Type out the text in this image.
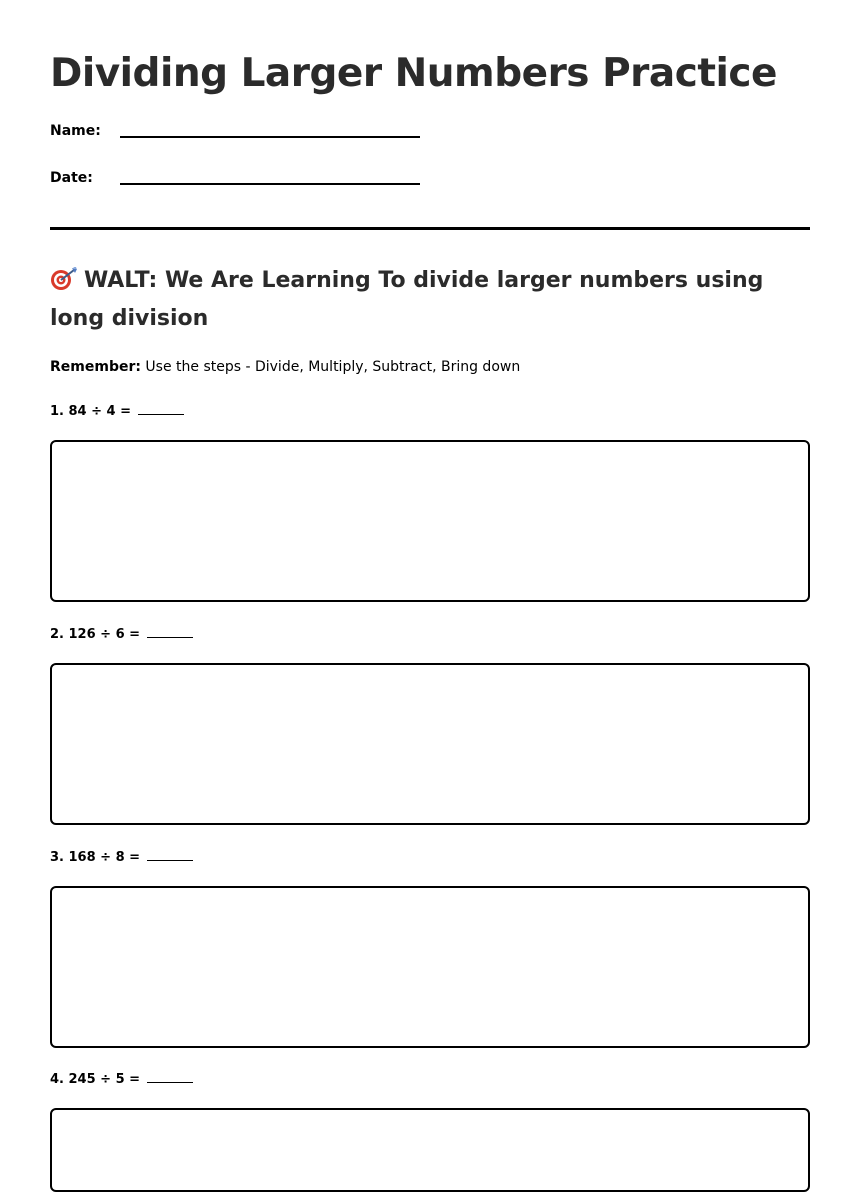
Dividing Larger Numbers Practice
Name:
Date:
WALT: We Are Learning To divide larger numbers using long division
Remember: Use the steps - Divide, Multiply, Subtract, Bring down
1. 84 ÷ 4 =
2. 126 ÷ 6 =
3. 168 ÷ 8 =
4. 245 ÷ 5 =
